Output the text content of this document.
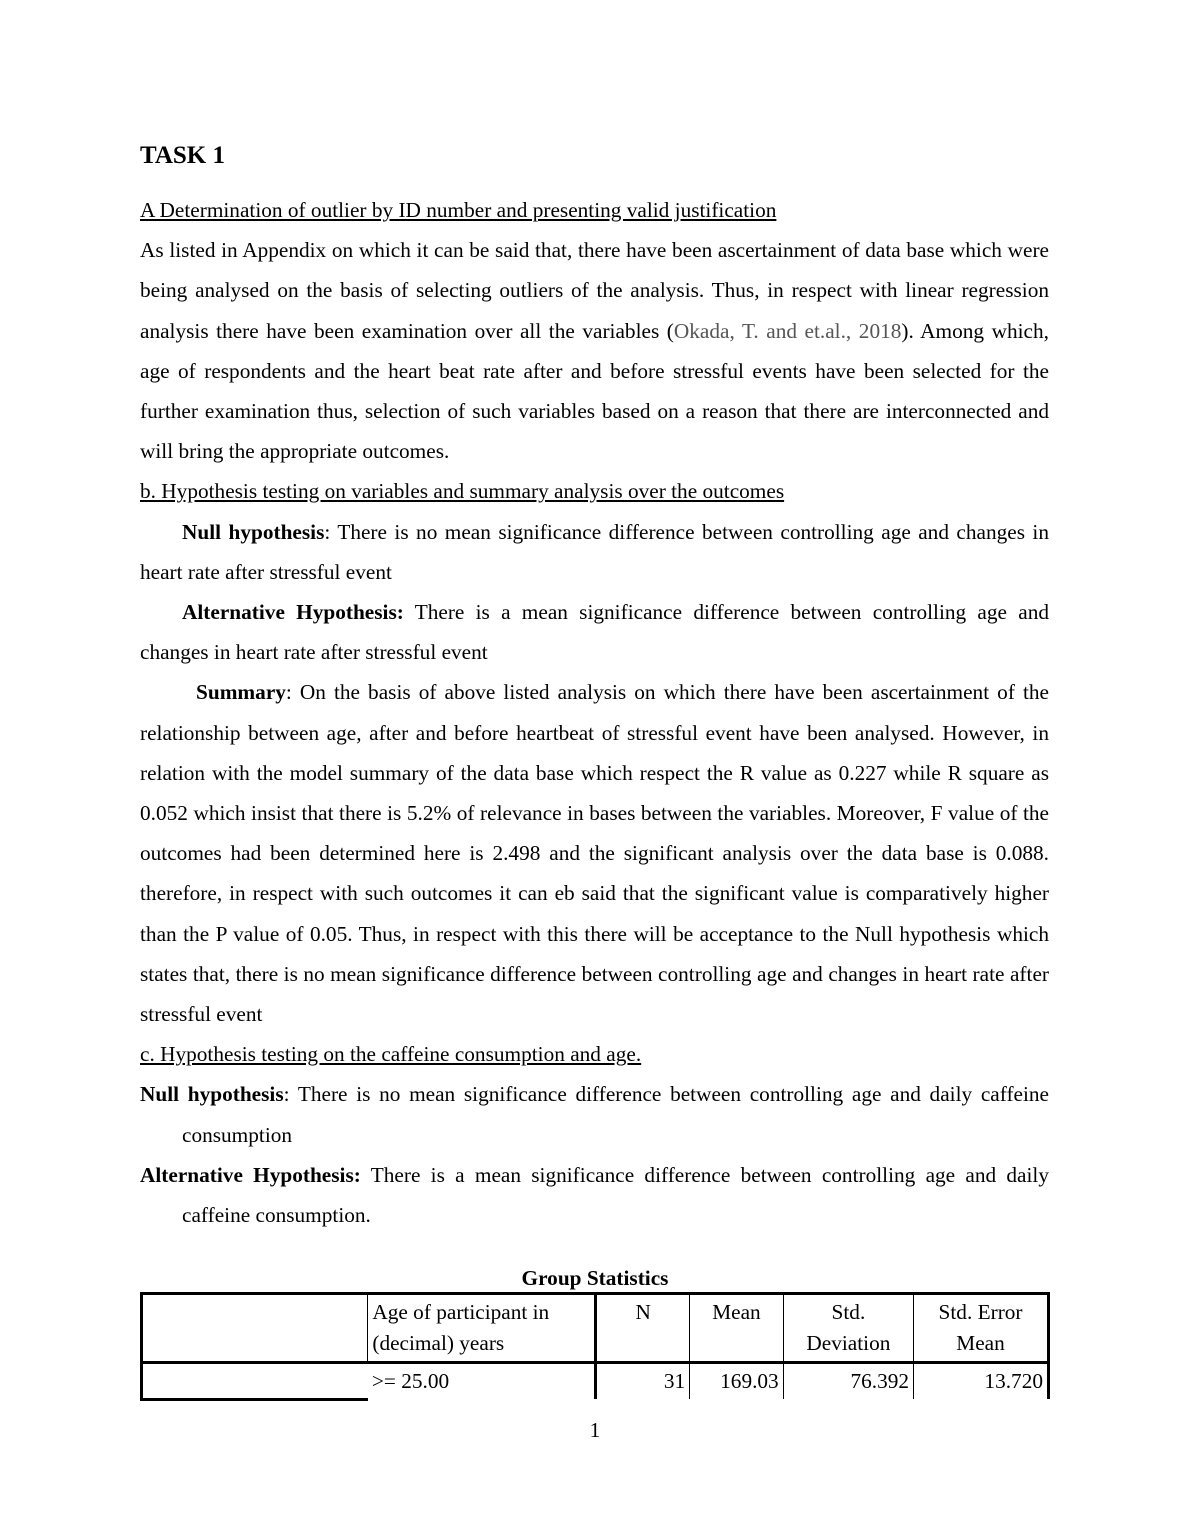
TASK 1

A Determination of outlier by ID number and presenting valid justification

As listed in Appendix on which it can be said that, there have been ascertainment of data base which were being analysed on the basis of selecting outliers of the analysis. Thus, in respect with linear regression analysis there have been examination over all the variables (Okada, T. and et.al., 2018). Among which, age of respondents and the heart beat rate after and before stressful events have been selected for the further examination thus, selection of such variables based on a reason that there are interconnected and will bring the appropriate outcomes.

b. Hypothesis testing on variables and summary analysis over the outcomes

Null hypothesis: There is no mean significance difference between controlling age and changes in heart rate after stressful event

Alternative Hypothesis: There is a mean significance difference between controlling age and changes in heart rate after stressful event

Summary: On the basis of above listed analysis on which there have been ascertainment of the relationship between age, after and before heartbeat of stressful event have been analysed. However, in relation with the model summary of the data base which respect the R value as 0.227 while R square as 0.052 which insist that there is 5.2% of relevance in bases between the variables. Moreover, F value of the outcomes had been determined here is 2.498 and the significant analysis over the data base is 0.088. therefore, in respect with such outcomes it can eb said that the significant value is comparatively higher than the P value of 0.05. Thus, in respect with this there will be acceptance to the Null hypothesis which states that, there is no mean significance difference between controlling age and changes in heart rate after stressful event

c. Hypothesis testing on the caffeine consumption and age.

Null hypothesis: There is no mean significance difference between controlling age and daily caffeine consumption

Alternative Hypothesis: There is a mean significance difference between controlling age and daily caffeine consumption.

Group Statistics
	Age of participant in (decimal) years	N	Mean	Std. Deviation	Std. Error Mean
	>= 25.00	31	169.03	76.392	13.720
1
